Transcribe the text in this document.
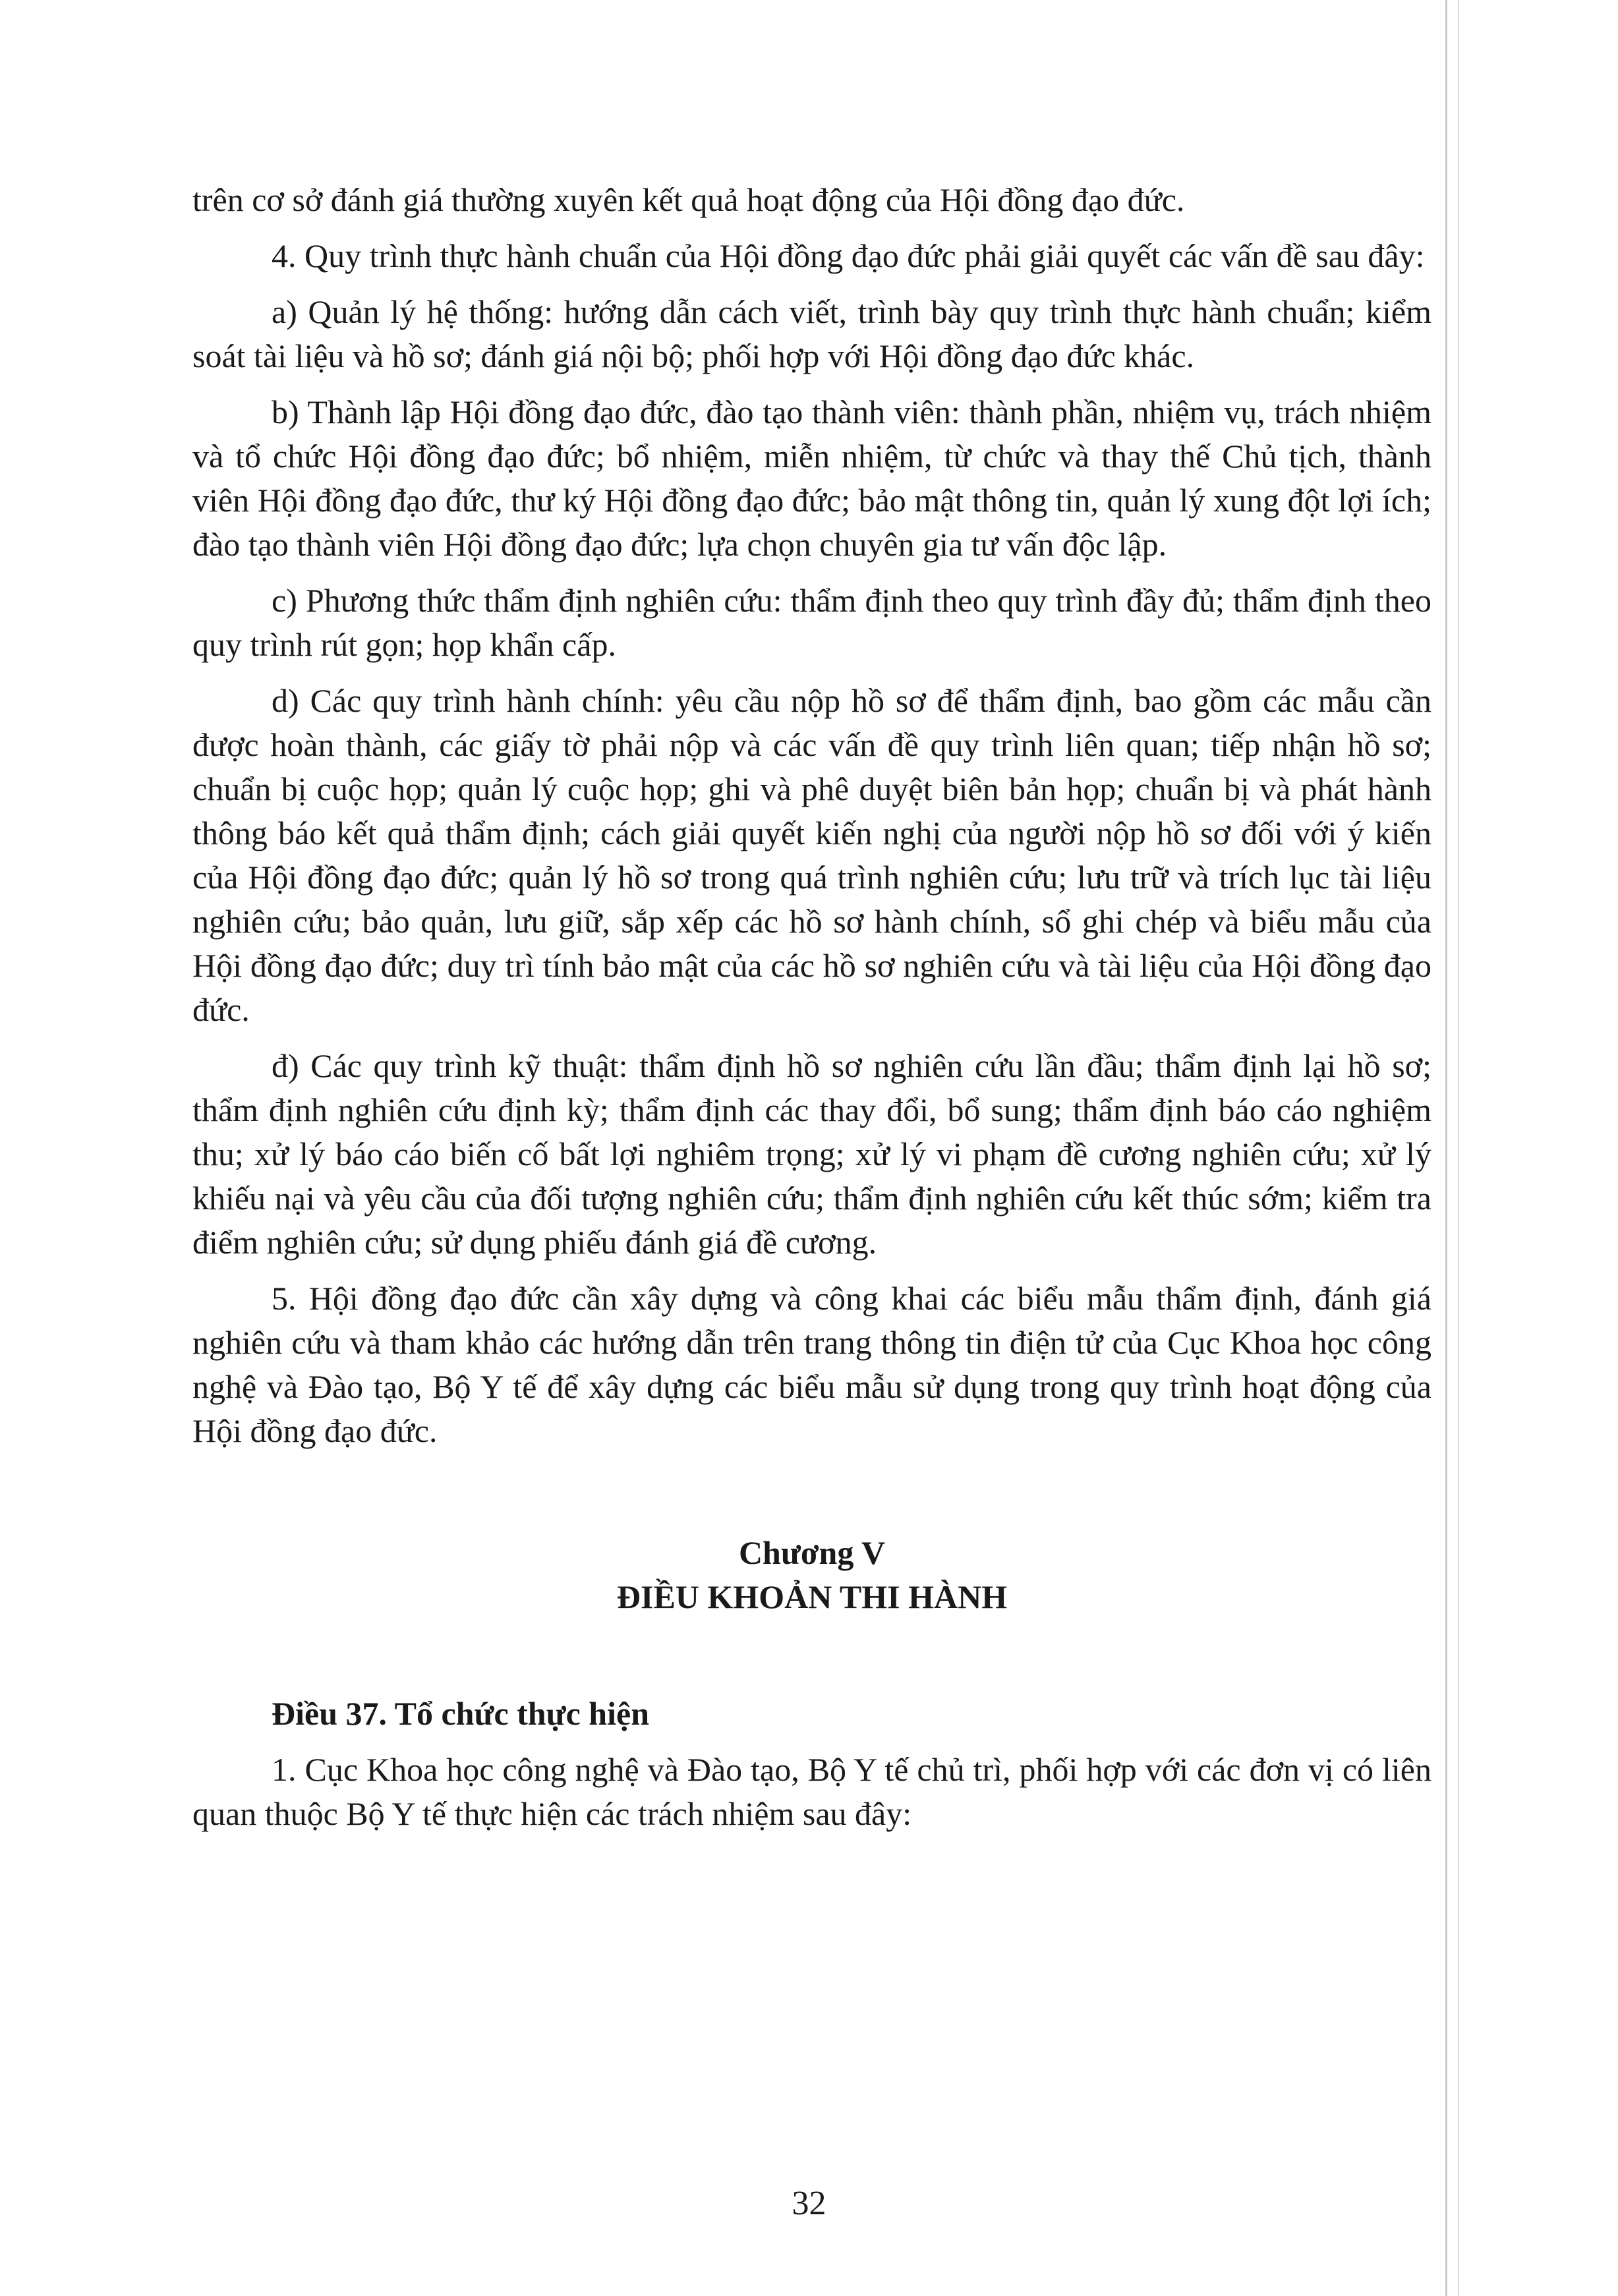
trên cơ sở đánh giá thường xuyên kết quả hoạt động của Hội đồng đạo đức.

4. Quy trình thực hành chuẩn của Hội đồng đạo đức phải giải quyết các vấn đề sau đây:

a) Quản lý hệ thống: hướng dẫn cách viết, trình bày quy trình thực hành chuẩn; kiểm soát tài liệu và hồ sơ; đánh giá nội bộ; phối hợp với Hội đồng đạo đức khác.

b) Thành lập Hội đồng đạo đức, đào tạo thành viên: thành phần, nhiệm vụ, trách nhiệm và tổ chức Hội đồng đạo đức; bổ nhiệm, miễn nhiệm, từ chức và thay thế Chủ tịch, thành viên Hội đồng đạo đức, thư ký Hội đồng đạo đức; bảo mật thông tin, quản lý xung đột lợi ích; đào tạo thành viên Hội đồng đạo đức; lựa chọn chuyên gia tư vấn độc lập.

c) Phương thức thẩm định nghiên cứu: thẩm định theo quy trình đầy đủ; thẩm định theo quy trình rút gọn; họp khẩn cấp.

d) Các quy trình hành chính: yêu cầu nộp hồ sơ để thẩm định, bao gồm các mẫu cần được hoàn thành, các giấy tờ phải nộp và các vấn đề quy trình liên quan; tiếp nhận hồ sơ; chuẩn bị cuộc họp; quản lý cuộc họp; ghi và phê duyệt biên bản họp; chuẩn bị và phát hành thông báo kết quả thẩm định; cách giải quyết kiến nghị của người nộp hồ sơ đối với ý kiến của Hội đồng đạo đức; quản lý hồ sơ trong quá trình nghiên cứu; lưu trữ và trích lục tài liệu nghiên cứu; bảo quản, lưu giữ, sắp xếp các hồ sơ hành chính, sổ ghi chép và biểu mẫu của Hội đồng đạo đức; duy trì tính bảo mật của các hồ sơ nghiên cứu và tài liệu của Hội đồng đạo đức.

đ) Các quy trình kỹ thuật: thẩm định hồ sơ nghiên cứu lần đầu; thẩm định lại hồ sơ; thẩm định nghiên cứu định kỳ; thẩm định các thay đổi, bổ sung; thẩm định báo cáo nghiệm thu; xử lý báo cáo biến cố bất lợi nghiêm trọng; xử lý vi phạm đề cương nghiên cứu; xử lý khiếu nại và yêu cầu của đối tượng nghiên cứu; thẩm định nghiên cứu kết thúc sớm; kiểm tra điểm nghiên cứu; sử dụng phiếu đánh giá đề cương.

5. Hội đồng đạo đức cần xây dựng và công khai các biểu mẫu thẩm định, đánh giá nghiên cứu và tham khảo các hướng dẫn trên trang thông tin điện tử của Cục Khoa học công nghệ và Đào tạo, Bộ Y tế để xây dựng các biểu mẫu sử dụng trong quy trình hoạt động của Hội đồng đạo đức.

Chương V
ĐIỀU KHOẢN THI HÀNH
Điều 37. Tổ chức thực hiện

1. Cục Khoa học công nghệ và Đào tạo, Bộ Y tế chủ trì, phối hợp với các đơn vị có liên quan thuộc Bộ Y tế thực hiện các trách nhiệm sau đây:

32
